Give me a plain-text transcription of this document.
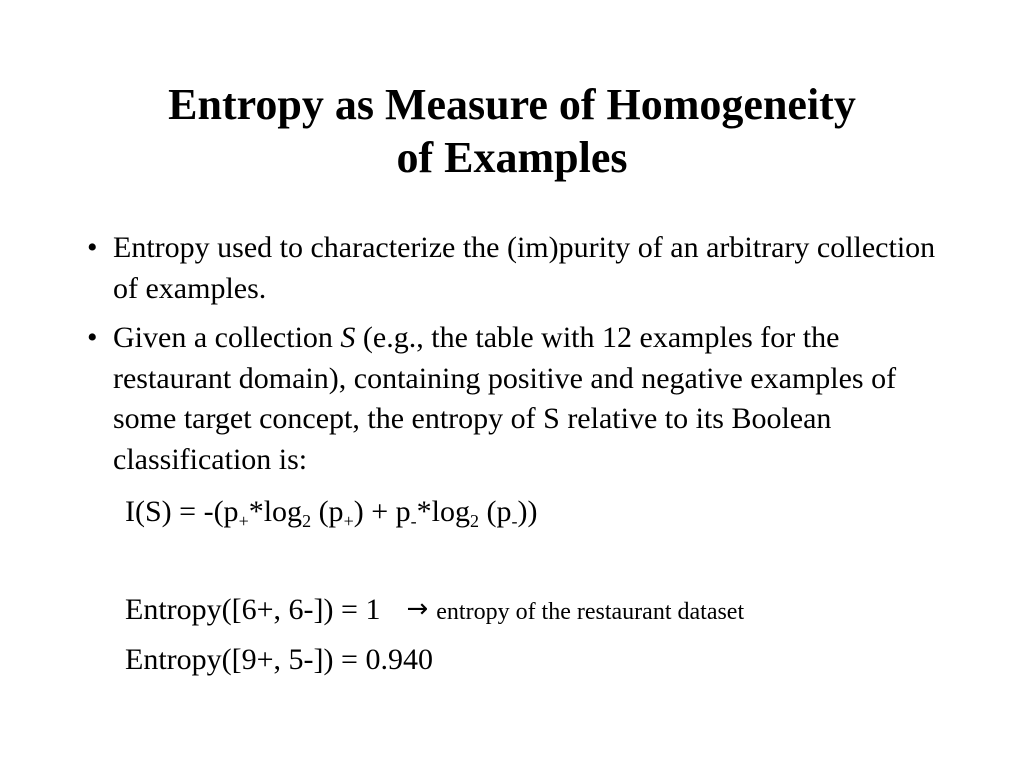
Entropy as Measure of Homogeneity
of Examples
• Entropy used to characterize the (im)purity of an arbitrary collection of examples.
• Given a collection S (e.g., the table with 12 examples for the restaurant domain), containing positive and negative examples of some target concept, the entropy of S relative to its Boolean classification is:
$I(S) = -(p_+*\log_2$ $(p_+) + p_-*\log_2$ $(p_-)$)
Entropy([6+, 6-]) = 1 → entropy of the restaurant dataset
Entropy([9+, 5-]) = 0.940
